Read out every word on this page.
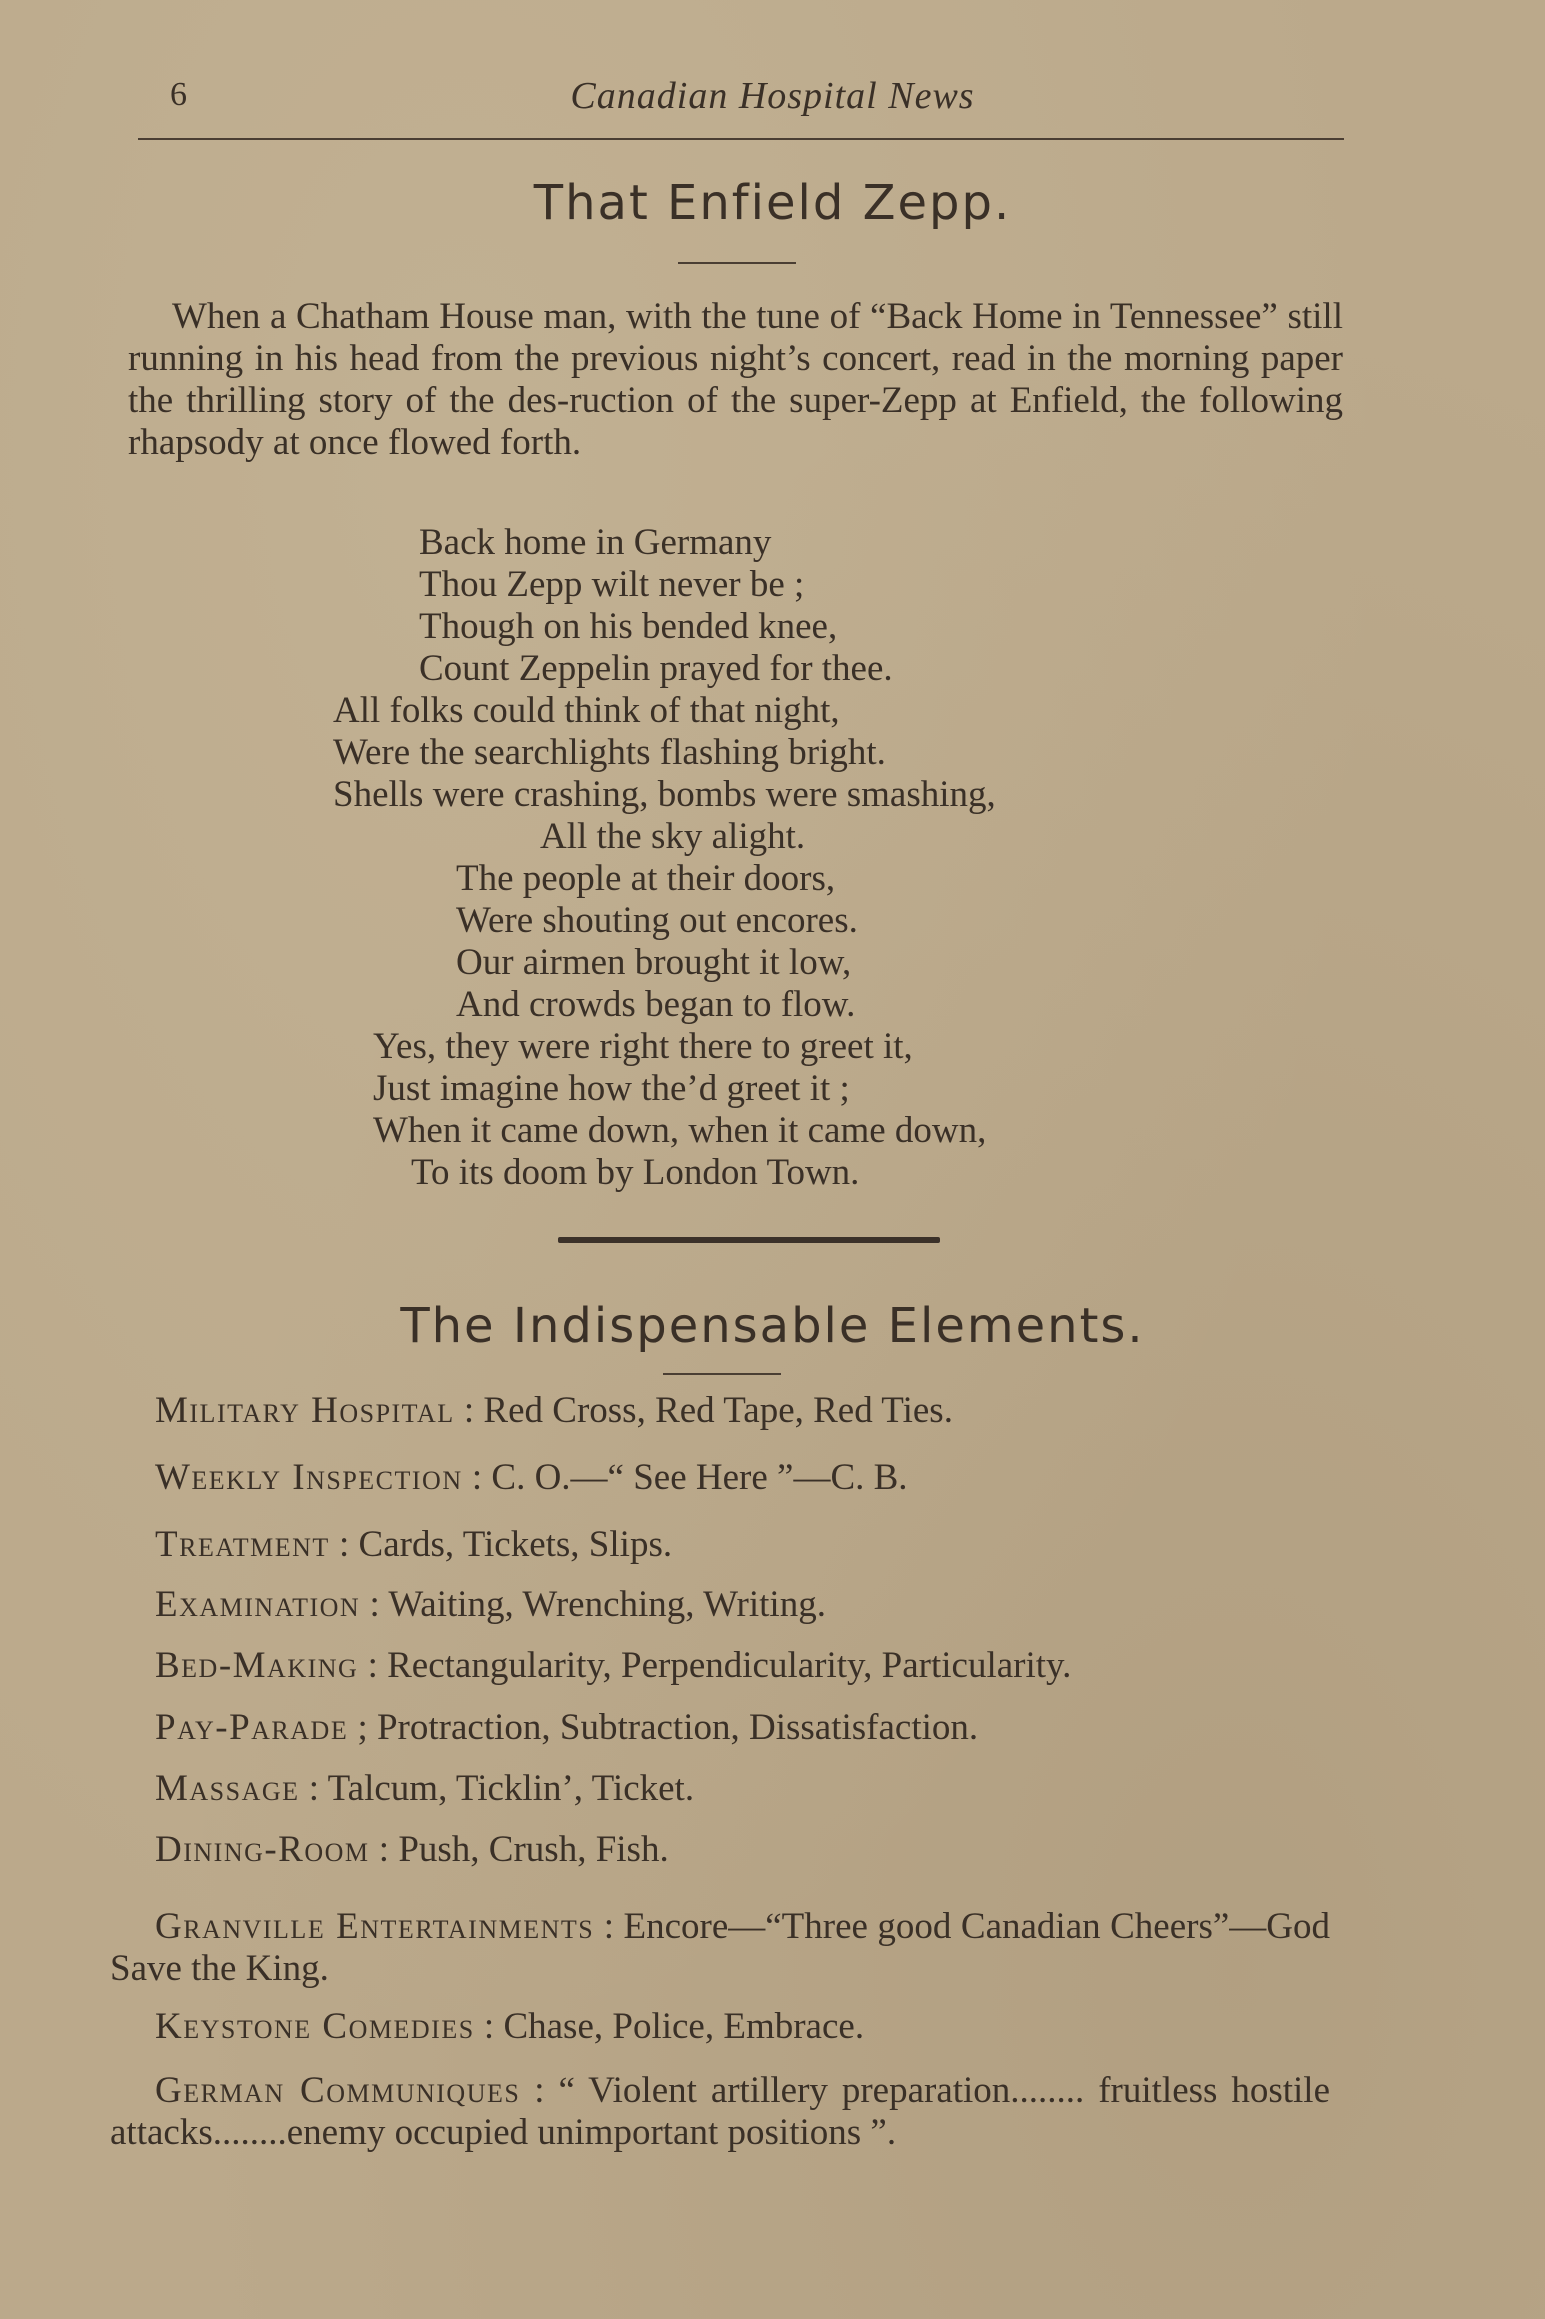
6	Canadian Hospital News
That Enfield Zepp.
When a Chatham House man, with the tune of “Back Home in Tennessee” still running in his head from the previous night’s concert, read in the morning paper the thrilling story of the des-ruction of the super-Zepp at Enfield, the following rhapsody at once flowed forth.
Back home in Germany
Thou Zepp wilt never be ;
Though on his bended knee,
Count Zeppelin prayed for thee.
All folks could think of that night,
Were the searchlights flashing bright.
Shells were crashing, bombs were smashing,
All the sky alight.
The people at their doors,
Were shouting out encores.
Our airmen brought it low,
And crowds began to flow.
Yes, they were right there to greet it,
Just imagine how the’d greet it ;
When it came down, when it came down,
To its doom by London Town.
The Indispensable Elements.
Military Hospital : Red Cross, Red Tape, Red Ties.
Weekly Inspection : C. O.—“ See Here ”—C. B.
Treatment : Cards, Tickets, Slips.
Examination : Waiting, Wrenching, Writing.
Bed-Making : Rectangularity, Perpendicularity, Particularity.
Pay-Parade ; Protraction, Subtraction, Dissatisfaction.
Massage : Talcum, Ticklin’, Ticket.
Dining-Room : Push, Crush, Fish.
Granville Entertainments : Encore—“Three good Canadian Cheers”—God Save the King.
Keystone Comedies : Chase, Police, Embrace.
German Communiques : “ Violent artillery preparation........ fruitless hostile attacks........enemy occupied unimportant positions ”.
